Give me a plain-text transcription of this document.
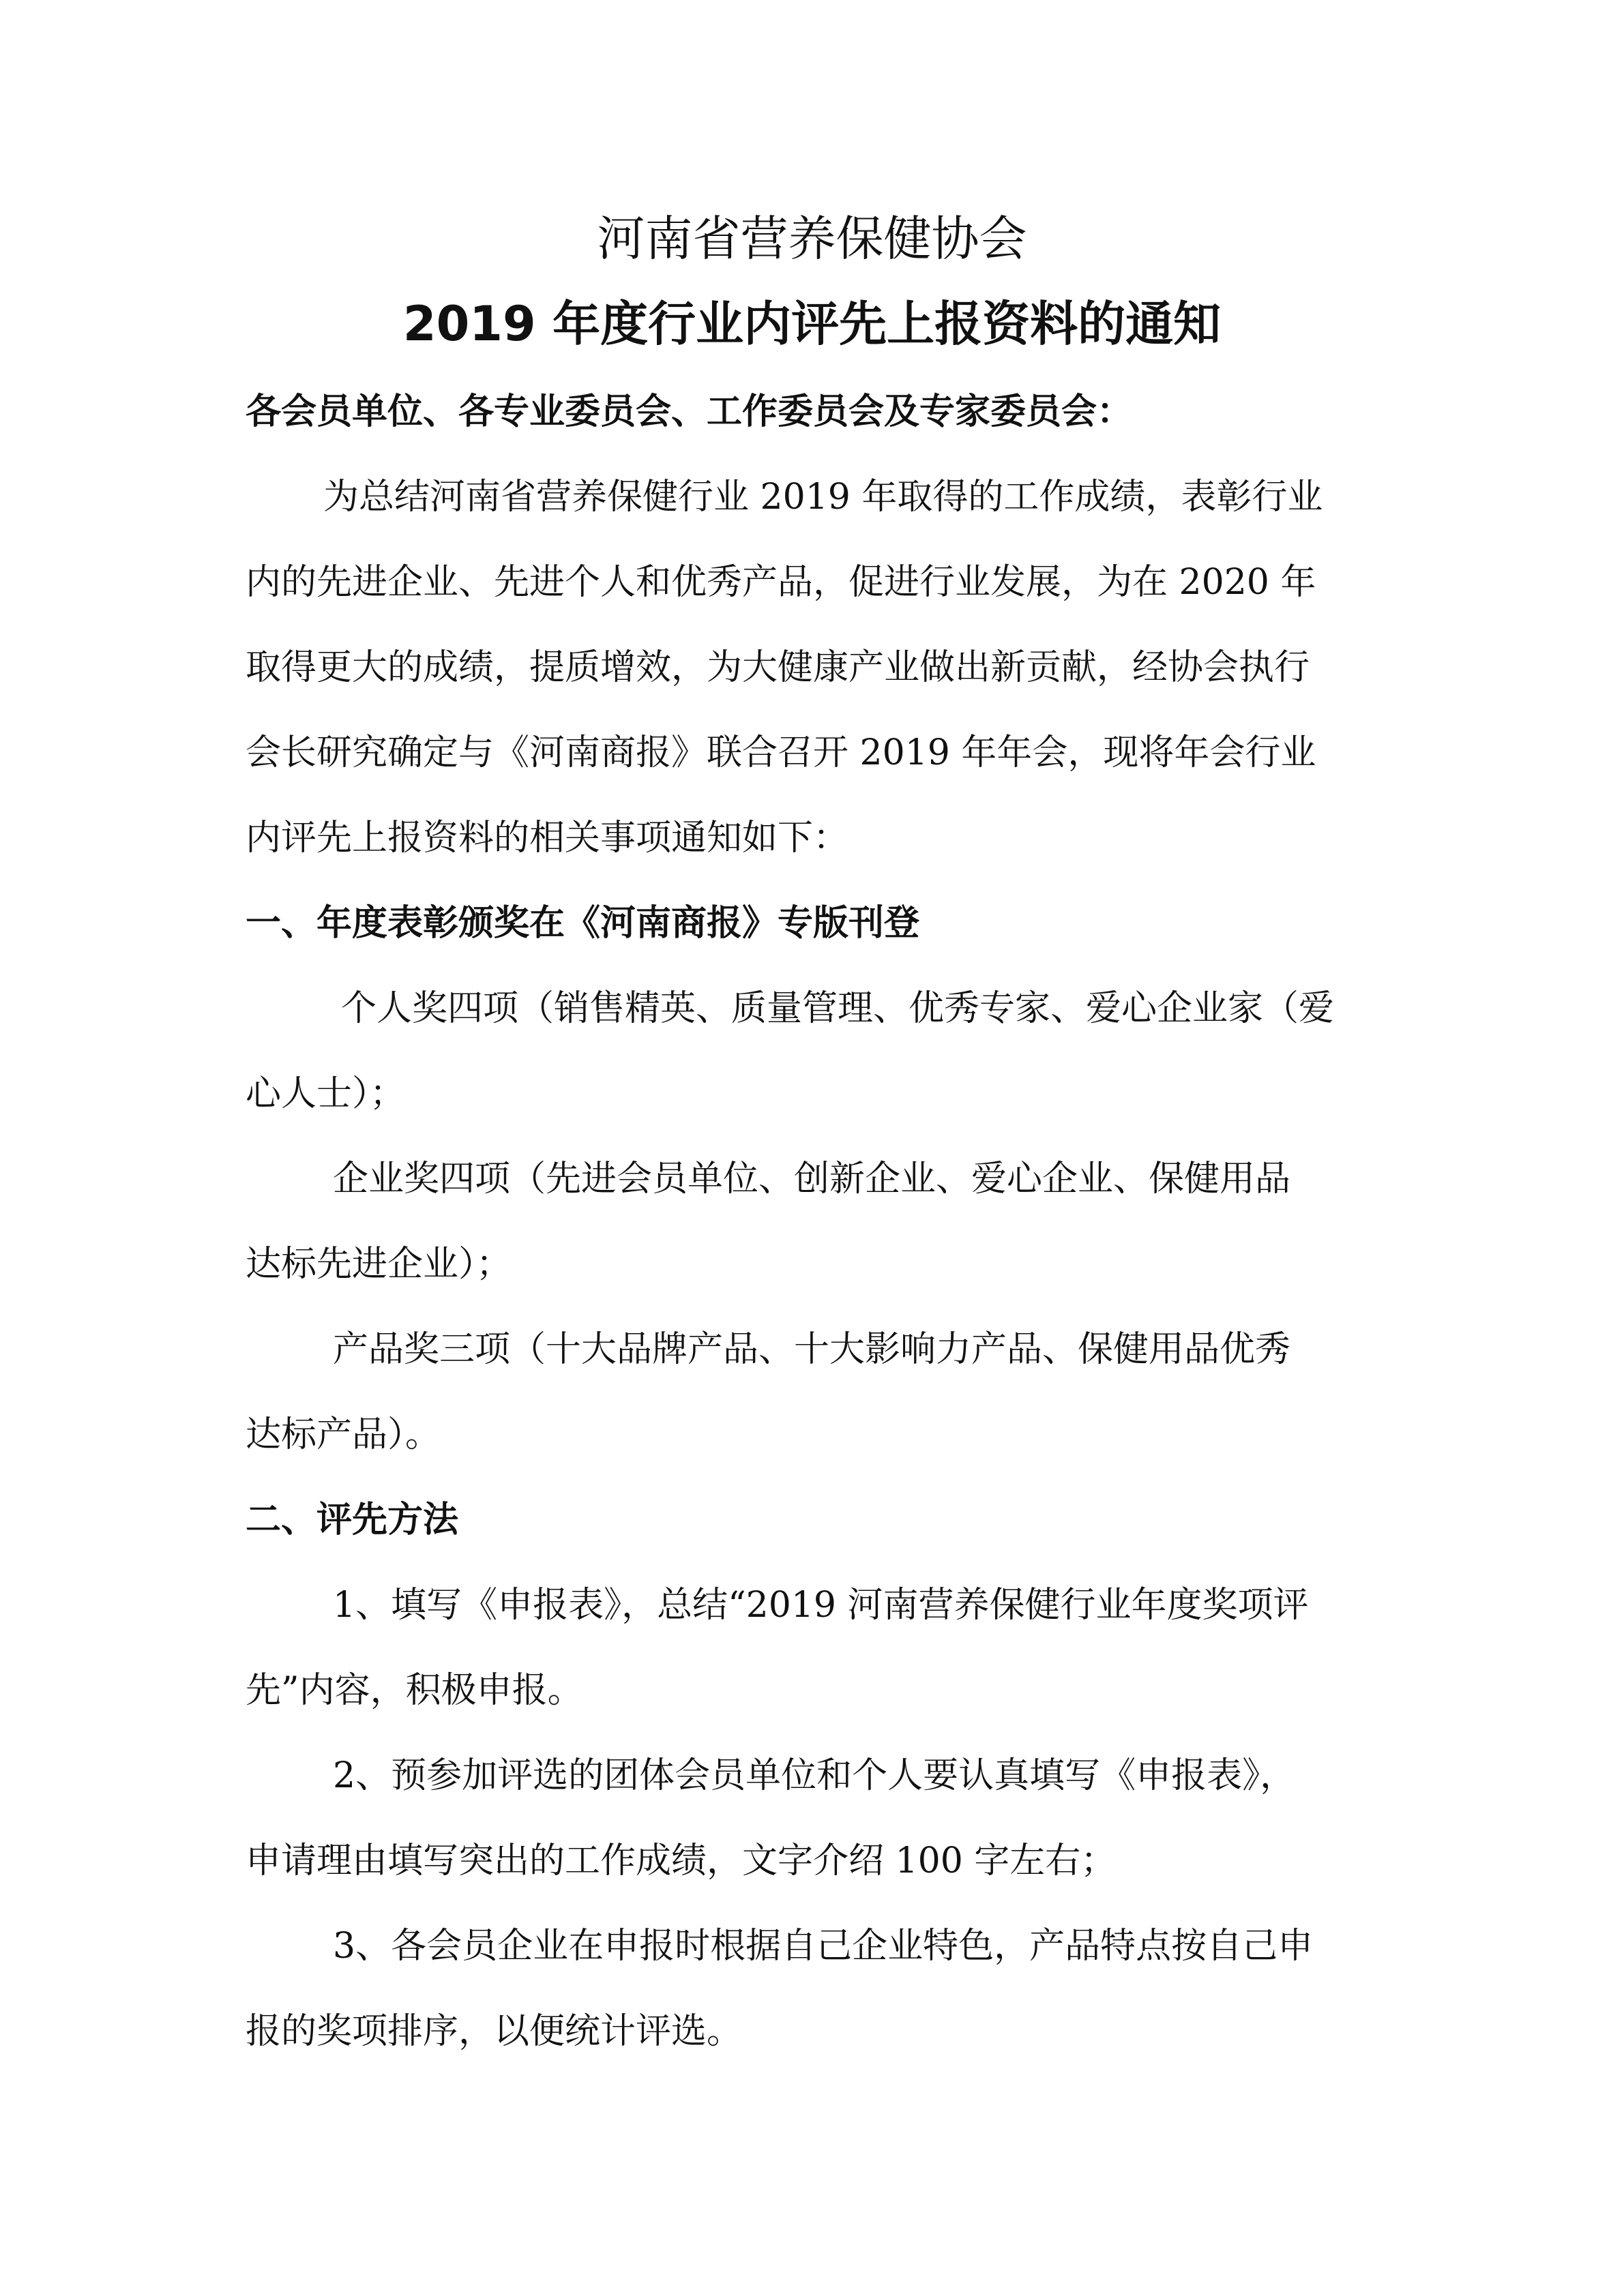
河南省营养保健协会
2019 年度行业内评先上报资料的通知
各会员单位、各专业委员会、工作委员会及专家委员会：
为总结河南省营养保健行业 2019 年取得的工作成绩，表彰行业
内的先进企业、先进个人和优秀产品，促进行业发展，为在 2020 年
取得更大的成绩，提质增效，为大健康产业做出新贡献，经协会执行
会长研究确定与《河南商报》联合召开 2019 年年会，现将年会行业
内评先上报资料的相关事项通知如下：
一、年度表彰颁奖在《河南商报》专版刊登
个人奖四项（销售精英、质量管理、优秀专家、爱心企业家（爱
心人士）；
企业奖四项（先进会员单位、创新企业、爱心企业、保健用品
达标先进企业）；
产品奖三项（十大品牌产品、十大影响力产品、保健用品优秀
达标产品）。
二、评先方法
1、填写《申报表》，总结“2019 河南营养保健行业年度奖项评
先”内容，积极申报。
2、预参加评选的团体会员单位和个人要认真填写《申报表》，
申请理由填写突出的工作成绩，文字介绍 100 字左右；
3、各会员企业在申报时根据自己企业特色，产品特点按自己申
报的奖项排序，以便统计评选。
